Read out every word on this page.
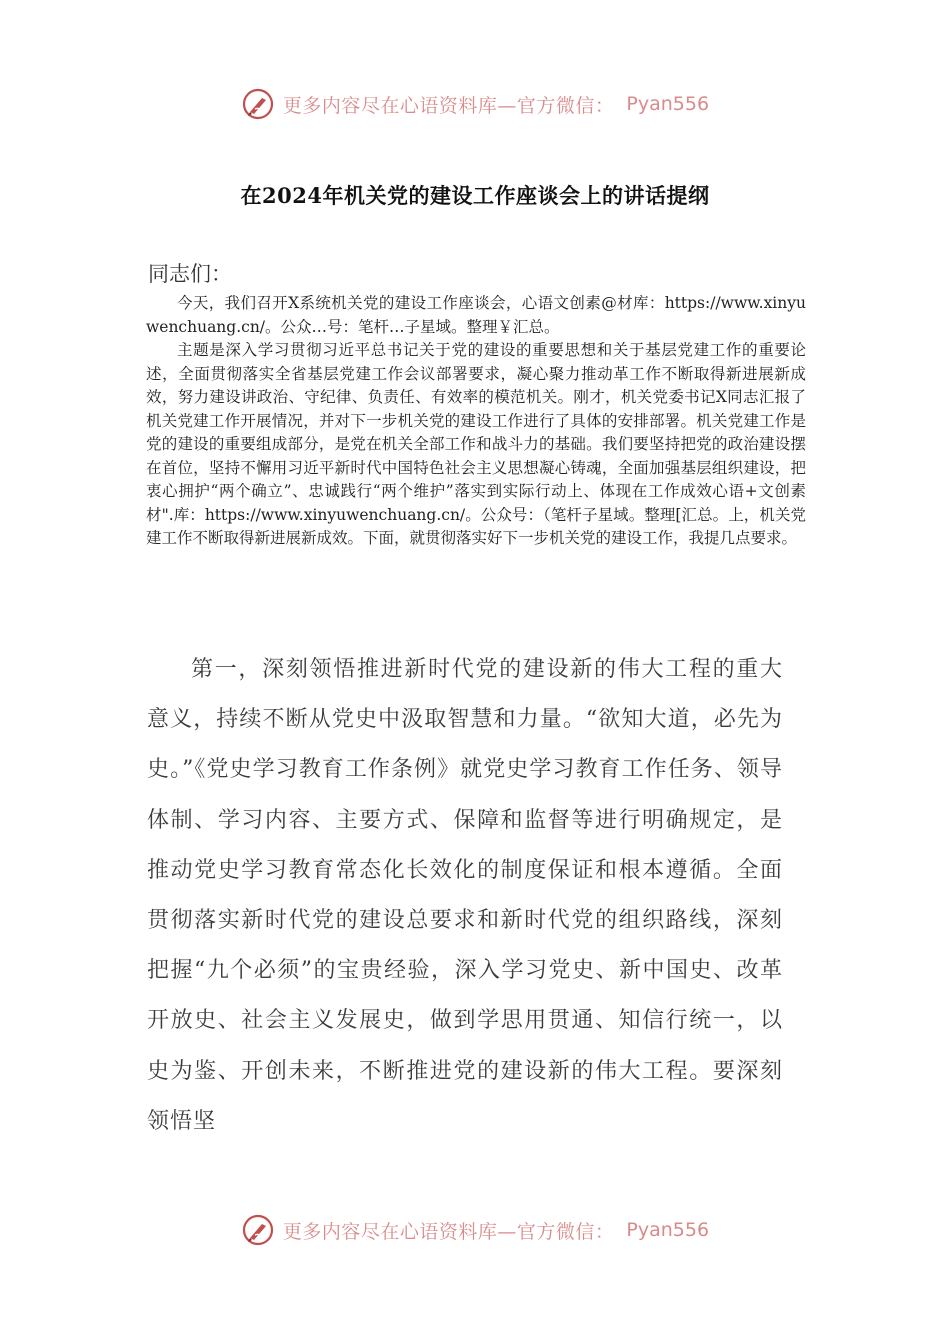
更多内容尽在心语资料库—官方微信： Pyan556
在2024年机关党的建设工作座谈会上的讲话提纲
同志们：

今天，我们召开X系统机关党的建设工作座谈会，心语文创素@材库：https://www.xinyuwenchuang.cn/。公众…号：笔杆…子星域。整理￥汇总。

主题是深入学习贯彻习近平总书记关于党的建设的重要思想和关于基层党建工作的重要论述，全面贯彻落实全省基层党建工作会议部署要求，凝心聚力推动革工作不断取得新进展新成效，努力建设讲政治、守纪律、负责任、有效率的模范机关。刚才，机关党委书记X同志汇报了机关党建工作开展情况，并对下一步机关党的建设工作进行了具体的安排部署。机关党建工作是党的建设的重要组成部分，是党在机关全部工作和战斗力的基础。我们要坚持把党的政治建设摆在首位，坚持不懈用习近平新时代中国特色社会主义思想凝心铸魂，全面加强基层组织建设，把衷心拥护“两个确立”、忠诚践行“两个维护”落实到实际行动上、体现在工作成效心语+文创素材".库：https://www.xinyuwenchuang.cn/。公众号：（笔杆子星域。整理[汇总。上，机关党建工作不断取得新进展新成效。下面，就贯彻落实好下一步机关党的建设工作，我提几点要求。

第一，深刻领悟推进新时代党的建设新的伟大工程的重大意义，持续不断从党史中汲取智慧和力量。“欲知大道，必先为史。”《党史学习教育工作条例》就党史学习教育工作任务、领导体制、学习内容、主要方式、保障和监督等进行明确规定，是推动党史学习教育常态化长效化的制度保证和根本遵循。全面贯彻落实新时代党的建设总要求和新时代党的组织路线，深刻把握“九个必须”的宝贵经验，深入学习党史、新中国史、改革开放史、社会主义发展史，做到学思用贯通、知信行统一，以史为鉴、开创未来，不断推进党的建设新的伟大工程。要深刻领悟坚

更多内容尽在心语资料库—官方微信： Pyan556
